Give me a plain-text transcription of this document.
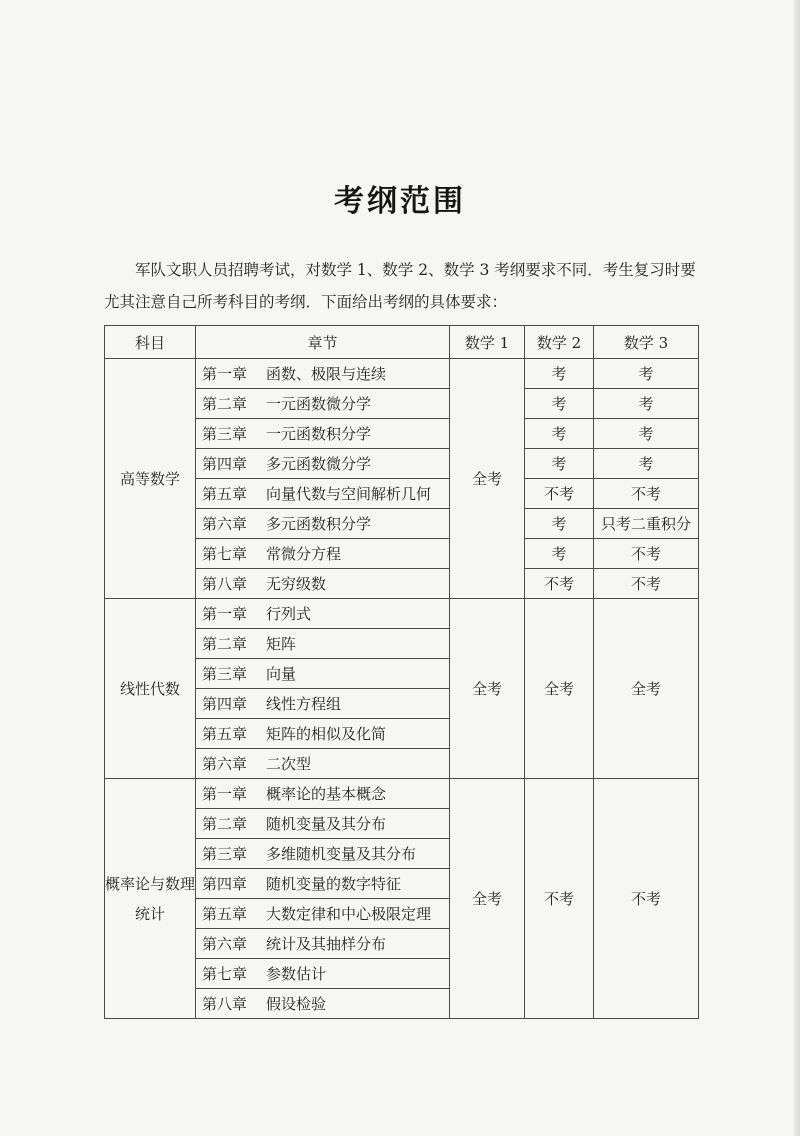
考纲范围

军队文职人员招聘考试，对数学 1、数学 2、数学 3 考纲要求不同．考生复习时要尤其注意自己所考科目的考纲．下面给出考纲的具体要求：

科目	章节	数学 1	数学 2	数学 3
高等数学	第一章 函数、极限与连续	全考	考	考
	第二章 一元函数微分学		考	考
	第三章 一元函数积分学		考	考
	第四章 多元函数微分学		考	考
	第五章 向量代数与空间解析几何		不考	不考
	第六章 多元函数积分学		考	只考二重积分
	第七章 常微分方程		考	不考
	第八章 无穷级数		不考	不考
线性代数	第一章 行列式	全考	全考	全考
	第二章 矩阵			
	第三章 向量			
	第四章 线性方程组			
	第五章 矩阵的相似及化简			
	第六章 二次型			
概率论与数理统计	第一章 概率论的基本概念	全考	不考	不考
	第二章 随机变量及其分布			
	第三章 多维随机变量及其分布			
	第四章 随机变量的数字特征			
	第五章 大数定律和中心极限定理			
	第六章 统计及其抽样分布			
	第七章 参数估计			
	第八章 假设检验			
